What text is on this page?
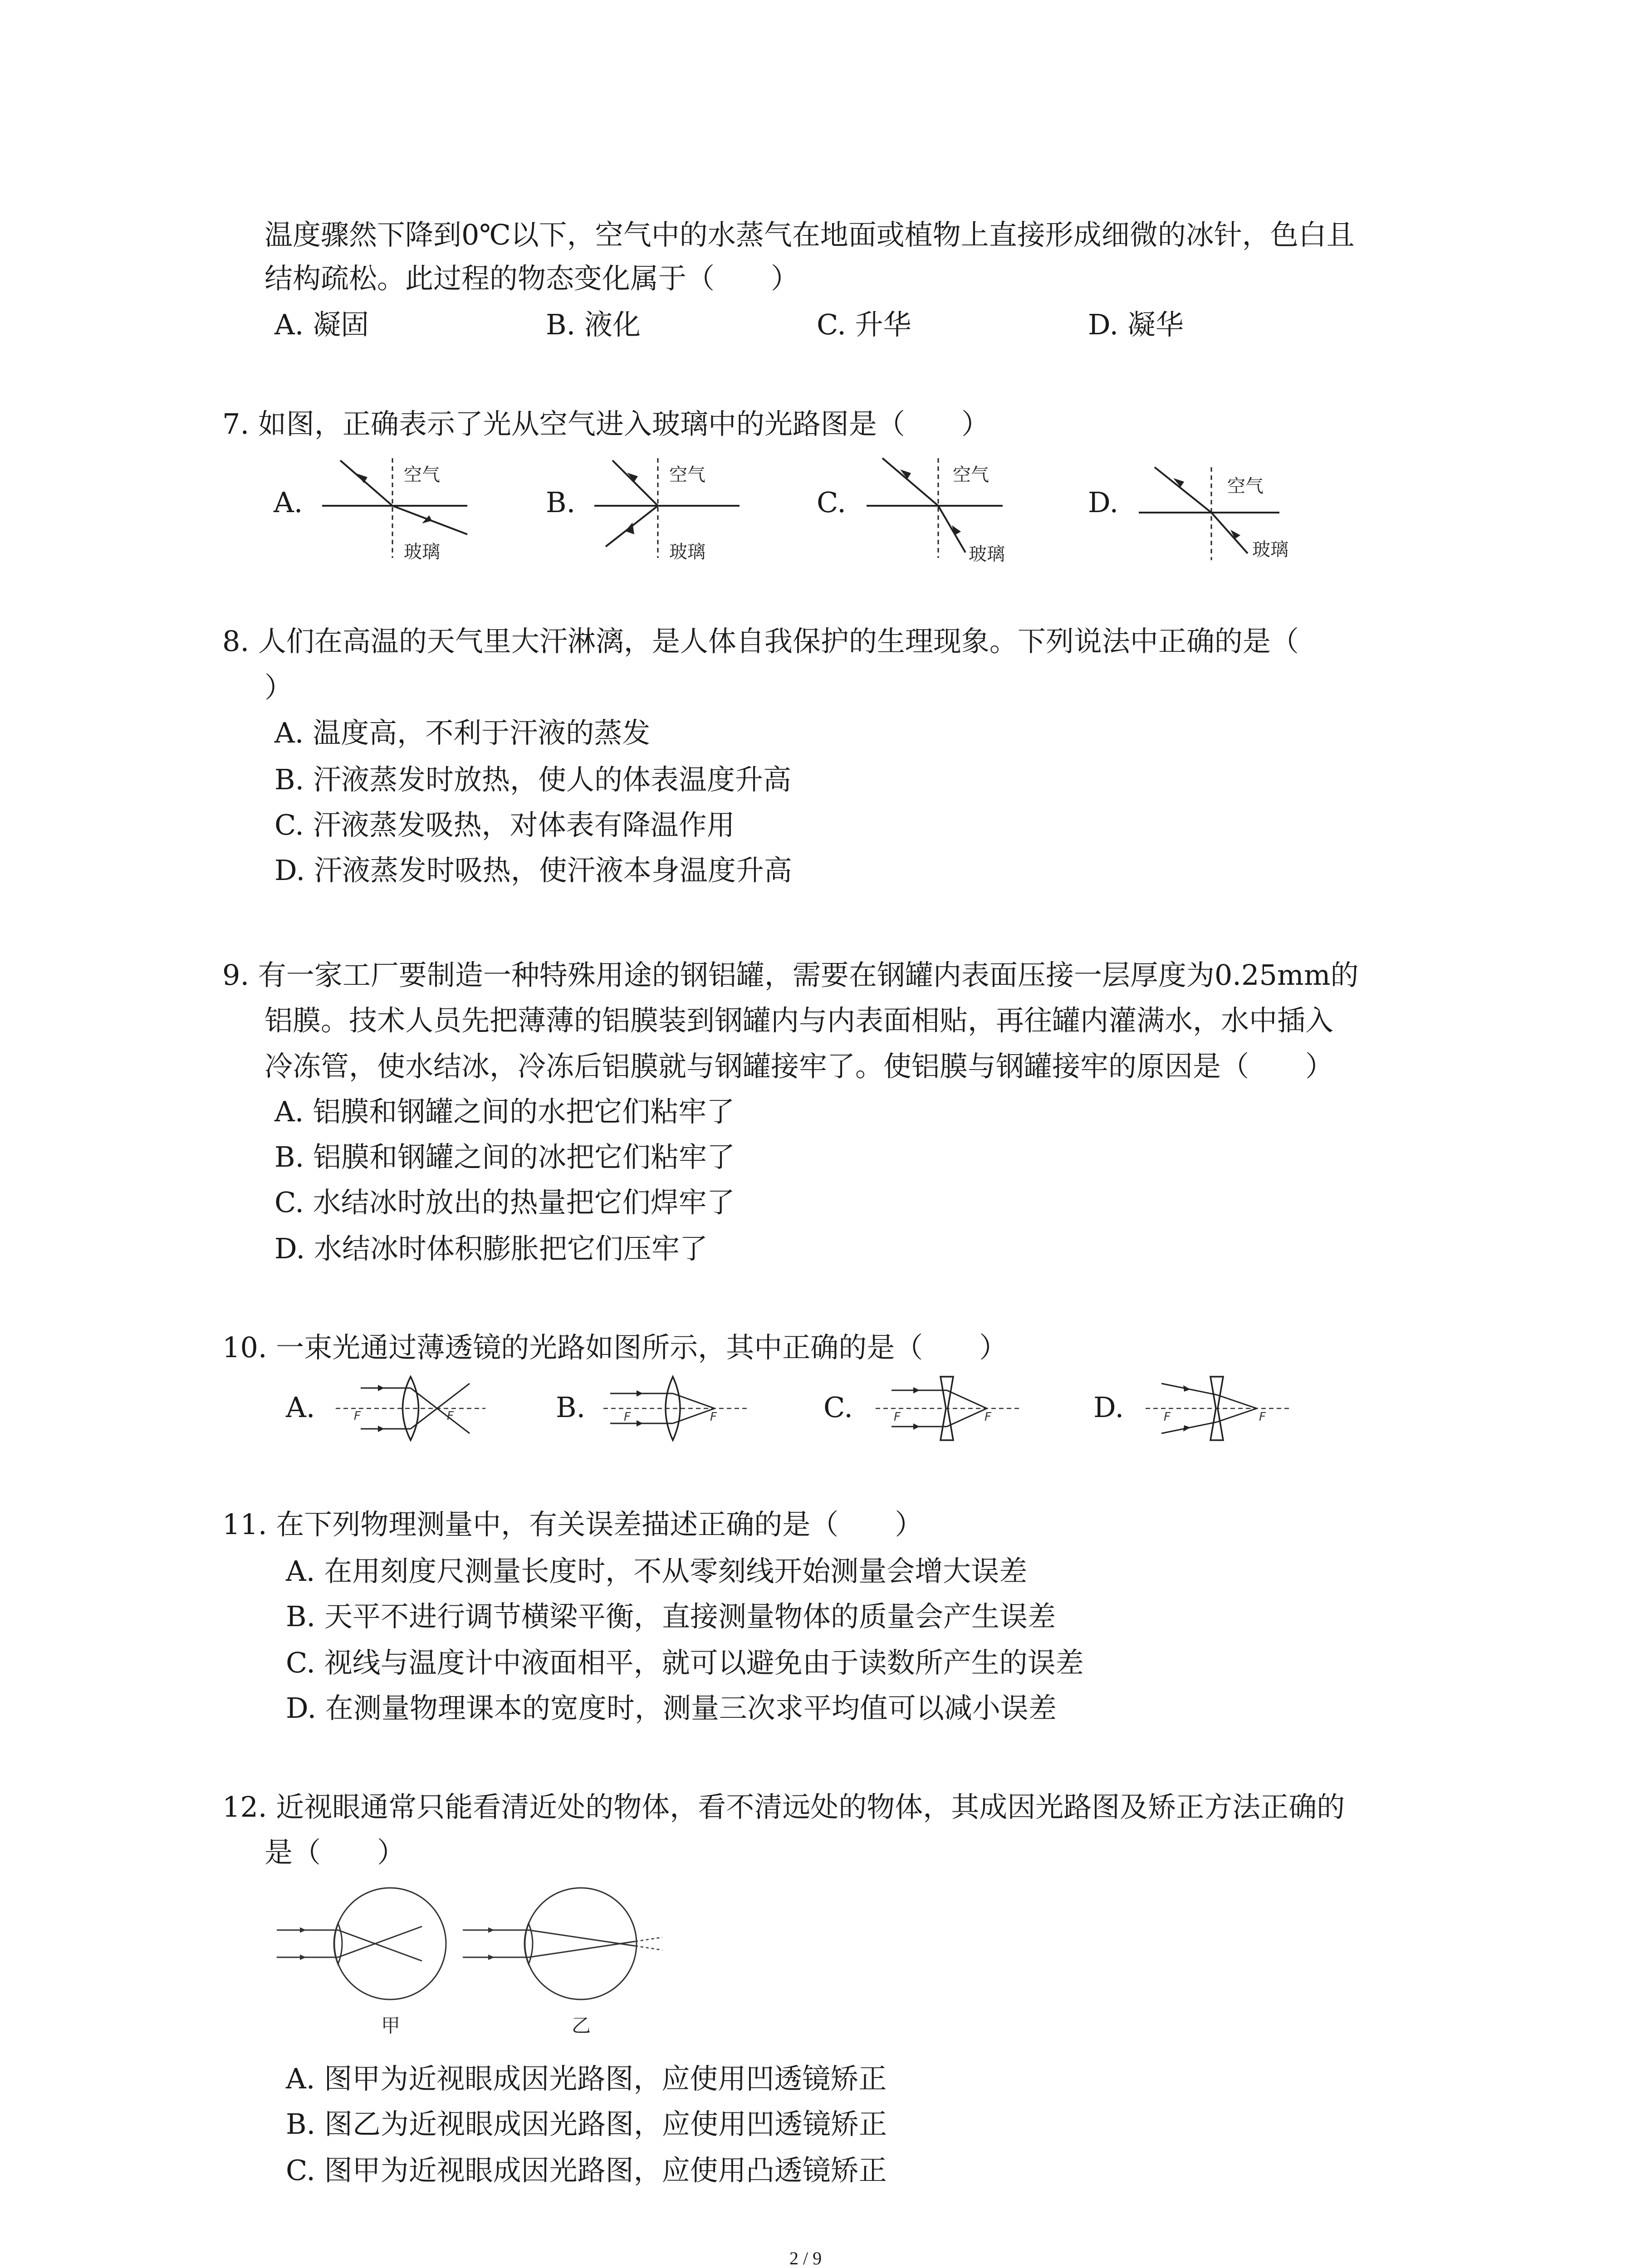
温度骤然下降到0℃以下，空气中的水蒸气在地面或植物上直接形成细微的冰针，色白且
结构疏松。此过程的物态变化属于（　　）
A. 凝固	B. 液化	C. 升华	D. 凝华
7. 如图，正确表示了光从空气进入玻璃中的光路图是（　　）
A.	B.	C.	D.
空气
玻璃
空气
玻璃
空气
玻璃
空气
玻璃
8. 人们在高温的天气里大汗淋漓，是人体自我保护的生理现象。下列说法中正确的是（
）
A. 温度高，不利于汗液的蒸发
B. 汗液蒸发时放热，使人的体表温度升高
C. 汗液蒸发吸热，对体表有降温作用
D. 汗液蒸发时吸热，使汗液本身温度升高
9. 有一家工厂要制造一种特殊用途的钢铝罐，需要在钢罐内表面压接一层厚度为0.25mm的
铝膜。技术人员先把薄薄的铝膜装到钢罐内与内表面相贴，再往罐内灌满水，水中插入
冷冻管，使水结冰，冷冻后铝膜就与钢罐接牢了。使铝膜与钢罐接牢的原因是（　　）
A. 铝膜和钢罐之间的水把它们粘牢了
B. 铝膜和钢罐之间的冰把它们粘牢了
C. 水结冰时放出的热量把它们焊牢了
D. 水结冰时体积膨胀把它们压牢了
10. 一束光通过薄透镜的光路如图所示，其中正确的是（　　）
A.	B.	C.	D.
F	F	F	F	F	F	F	F
11. 在下列物理测量中，有关误差描述正确的是（　　）
A. 在用刻度尺测量长度时，不从零刻线开始测量会增大误差
B. 天平不进行调节横梁平衡，直接测量物体的质量会产生误差
C. 视线与温度计中液面相平，就可以避免由于读数所产生的误差
D. 在测量物理课本的宽度时，测量三次求平均值可以减小误差
12. 近视眼通常只能看清近处的物体，看不清远处的物体，其成因光路图及矫正方法正确的
是（　　）
甲	乙
A. 图甲为近视眼成因光路图，应使用凹透镜矫正
B. 图乙为近视眼成因光路图，应使用凹透镜矫正
C. 图甲为近视眼成因光路图，应使用凸透镜矫正
2 / 9
